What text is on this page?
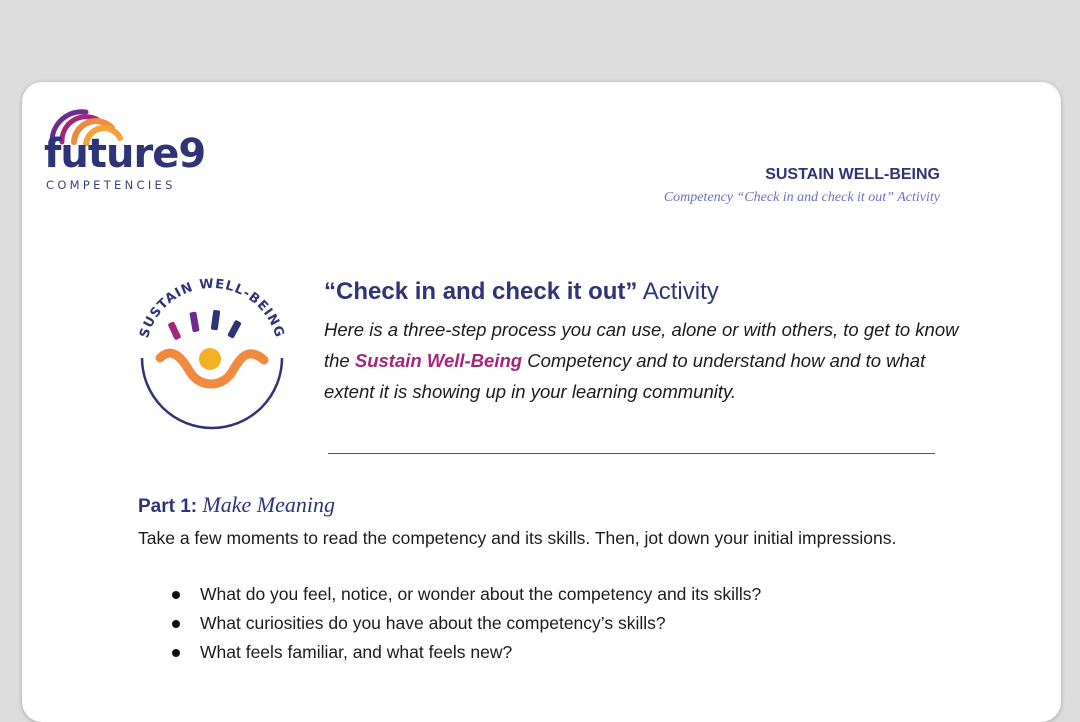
future9
COMPETENCIES
SUSTAIN WELL-BEING
Competency “Check in and check it out” Activity
SUSTAIN WELL-BEING
“Check in and check it out” Activity
Here is a three-step process you can use, alone or with others, to get to know the Sustain Well-Being Competency and to understand how and to what extent it is showing up in your learning community.
Part 1: Make Meaning
Take a few moments to read the competency and its skills. Then, jot down your initial impressions.
What do you feel, notice, or wonder about the competency and its skills?
What curiosities do you have about the competency’s skills?
What feels familiar, and what feels new?
